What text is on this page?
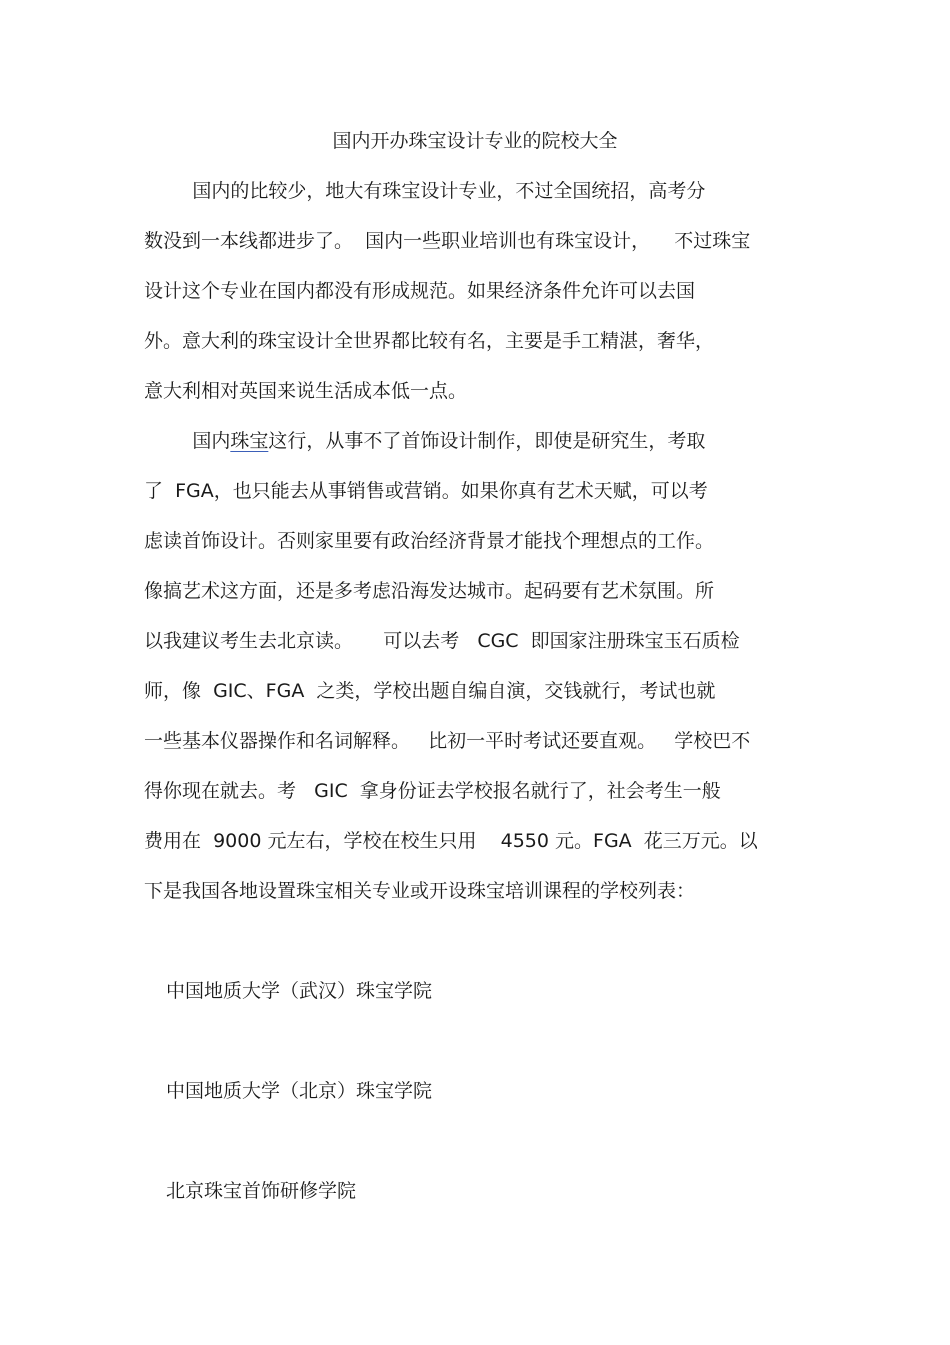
国内开办珠宝设计专业的院校大全
国内的比较少，地大有珠宝设计专业，不过全国统招，高考分
数没到一本线都进步了。  国内一些职业培训也有珠宝设计，    不过珠宝
设计这个专业在国内都没有形成规范。如果经济条件允许可以去国
外。意大利的珠宝设计全世界都比较有名，主要是手工精湛，奢华，
意大利相对英国来说生活成本低一点。
国内珠宝这行，从事不了首饰设计制作，即使是研究生，考取
了  FGA，也只能去从事销售或营销。如果你真有艺术天赋，可以考
虑读首饰设计。否则家里要有政治经济背景才能找个理想点的工作。
像搞艺术这方面，还是多考虑沿海发达城市。起码要有艺术氛围。所
以我建议考生去北京读。     可以去考   CGC  即国家注册珠宝玉石质检
师，像  GIC、FGA  之类，学校出题自编自演，交钱就行，考试也就
一些基本仪器操作和名词解释。   比初一平时考试还要直观。   学校巴不
得你现在就去。考   GIC  拿身份证去学校报名就行了，社会考生一般
费用在  9000 元左右，学校在校生只用    4550 元。FGA  花三万元。以
下是我国各地设置珠宝相关专业或开设珠宝培训课程的学校列表：
中国地质大学（武汉）珠宝学院
中国地质大学（北京）珠宝学院
北京珠宝首饰研修学院
